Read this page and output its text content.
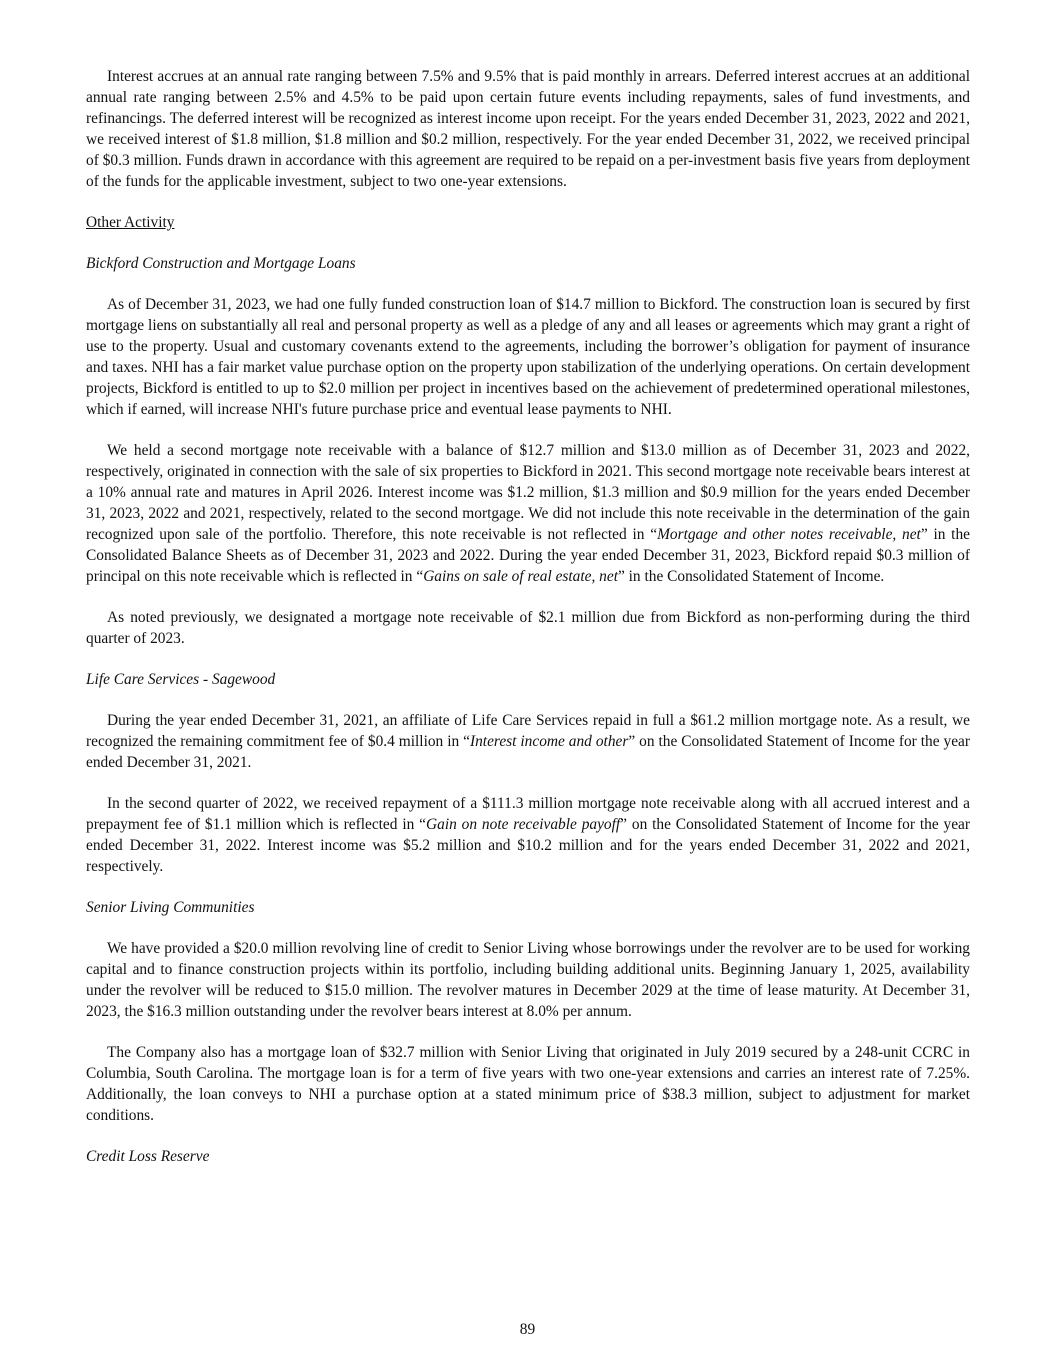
Interest accrues at an annual rate ranging between 7.5% and 9.5% that is paid monthly in arrears. Deferred interest accrues at an additional annual rate ranging between 2.5% and 4.5% to be paid upon certain future events including repayments, sales of fund investments, and refinancings. The deferred interest will be recognized as interest income upon receipt. For the years ended December 31, 2023, 2022 and 2021, we received interest of $1.8 million, $1.8 million and $0.2 million, respectively. For the year ended December 31, 2022, we received principal of $0.3 million. Funds drawn in accordance with this agreement are required to be repaid on a per-investment basis five years from deployment of the funds for the applicable investment, subject to two one-year extensions.

Other Activity
Bickford Construction and Mortgage Loans

As of December 31, 2023, we had one fully funded construction loan of $14.7 million to Bickford. The construction loan is secured by first mortgage liens on substantially all real and personal property as well as a pledge of any and all leases or agreements which may grant a right of use to the property. Usual and customary covenants extend to the agreements, including the borrower’s obligation for payment of insurance and taxes. NHI has a fair market value purchase option on the property upon stabilization of the underlying operations. On certain development projects, Bickford is entitled to up to $2.0 million per project in incentives based on the achievement of predetermined operational milestones, which if earned, will increase NHI's future purchase price and eventual lease payments to NHI.

We held a second mortgage note receivable with a balance of $12.7 million and $13.0 million as of December 31, 2023 and 2022, respectively, originated in connection with the sale of six properties to Bickford in 2021. This second mortgage note receivable bears interest at a 10% annual rate and matures in April 2026. Interest income was $1.2 million, $1.3 million and $0.9 million for the years ended December 31, 2023, 2022 and 2021, respectively, related to the second mortgage. We did not include this note receivable in the determination of the gain recognized upon sale of the portfolio. Therefore, this note receivable is not reflected in “Mortgage and other notes receivable, net” in the Consolidated Balance Sheets as of December 31, 2023 and 2022. During the year ended December 31, 2023, Bickford repaid $0.3 million of principal on this note receivable which is reflected in “Gains on sale of real estate, net” in the Consolidated Statement of Income.

As noted previously, we designated a mortgage note receivable of $2.1 million due from Bickford as non-performing during the third quarter of 2023.

Life Care Services - Sagewood

During the year ended December 31, 2021, an affiliate of Life Care Services repaid in full a $61.2 million mortgage note. As a result, we recognized the remaining commitment fee of $0.4 million in “Interest income and other” on the Consolidated Statement of Income for the year ended December 31, 2021.

In the second quarter of 2022, we received repayment of a $111.3 million mortgage note receivable along with all accrued interest and a prepayment fee of $1.1 million which is reflected in “Gain on note receivable payoff” on the Consolidated Statement of Income for the year ended December 31, 2022. Interest income was $5.2 million and $10.2 million and for the years ended December 31, 2022 and 2021, respectively.

Senior Living Communities

We have provided a $20.0 million revolving line of credit to Senior Living whose borrowings under the revolver are to be used for working capital and to finance construction projects within its portfolio, including building additional units. Beginning January 1, 2025, availability under the revolver will be reduced to $15.0 million. The revolver matures in December 2029 at the time of lease maturity. At December 31, 2023, the $16.3 million outstanding under the revolver bears interest at 8.0% per annum.

The Company also has a mortgage loan of $32.7 million with Senior Living that originated in July 2019 secured by a 248-unit CCRC in Columbia, South Carolina. The mortgage loan is for a term of five years with two one-year extensions and carries an interest rate of 7.25%. Additionally, the loan conveys to NHI a purchase option at a stated minimum price of $38.3 million, subject to adjustment for market conditions.

Credit Loss Reserve
89
